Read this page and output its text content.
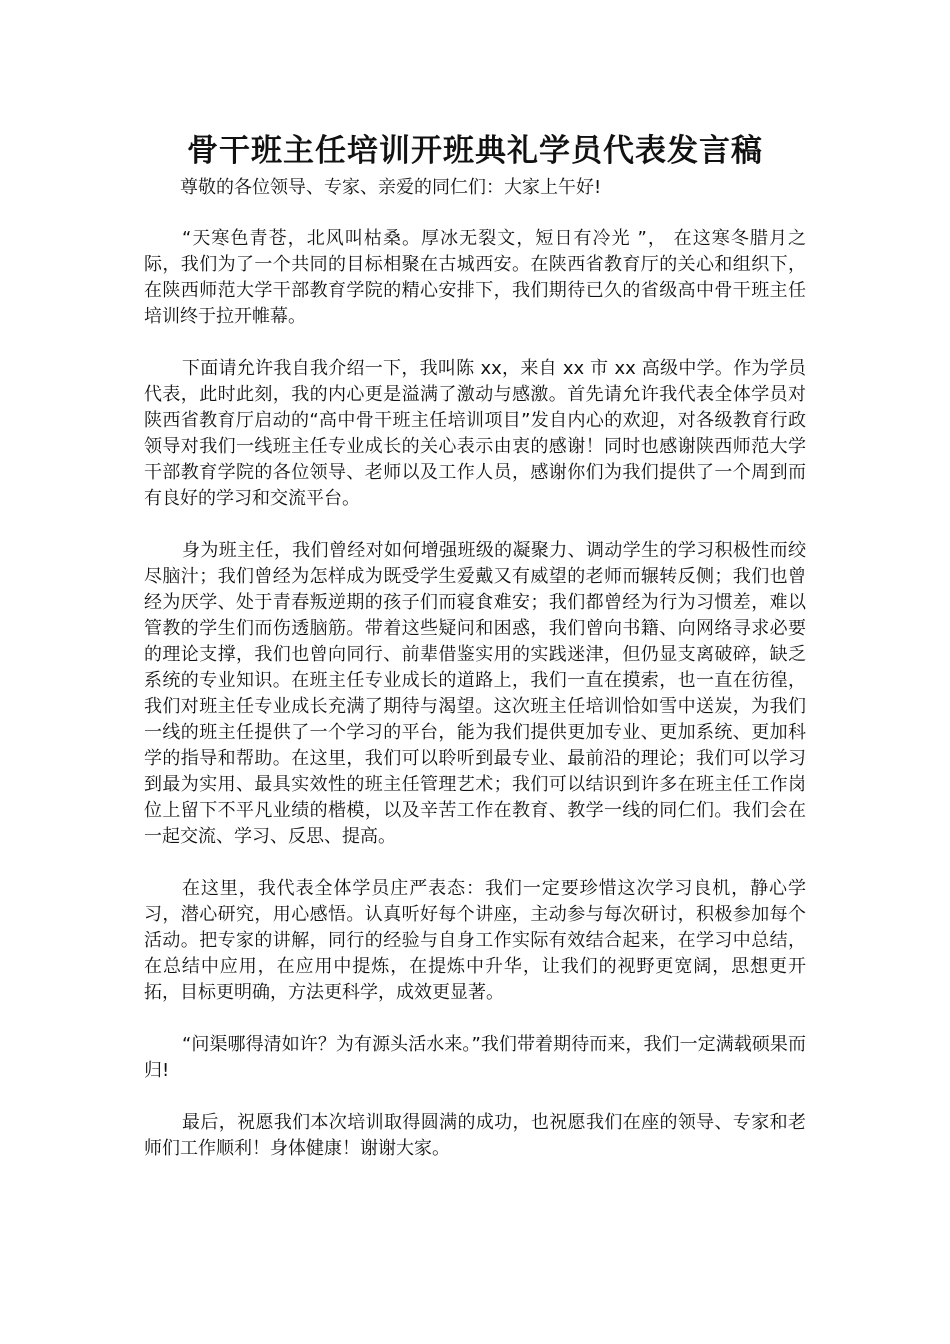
骨干班主任培训开班典礼学员代表发言稿

尊敬的各位领导、专家、亲爱的同仁们：大家上午好!

“天寒色青苍，北风叫枯桑。厚冰无裂文，短日有冷光 ”， 在这寒冬腊月之际，我们为了一个共同的目标相聚在古城西安。在陕西省教育厅的关心和组织下，在陕西师范大学干部教育学院的精心安排下，我们期待已久的省级高中骨干班主任培训终于拉开帷幕。

下面请允许我自我介绍一下，我叫陈 xx，来自 xx 市 xx 高级中学。作为学员代表，此时此刻，我的内心更是溢满了激动与感激。首先请允许我代表全体学员对陕西省教育厅启动的“高中骨干班主任培训项目”发自内心的欢迎，对各级教育行政领导对我们一线班主任专业成长的关心表示由衷的感谢！同时也感谢陕西师范大学干部教育学院的各位领导、老师以及工作人员，感谢你们为我们提供了一个周到而有良好的学习和交流平台。

身为班主任，我们曾经对如何增强班级的凝聚力、调动学生的学习积极性而绞尽脑汁；我们曾经为怎样成为既受学生爱戴又有威望的老师而辗转反侧；我们也曾经为厌学、处于青春叛逆期的孩子们而寝食难安；我们都曾经为行为习惯差，难以管教的学生们而伤透脑筋。带着这些疑问和困惑，我们曾向书籍、向网络寻求必要的理论支撑，我们也曾向同行、前辈借鉴实用的实践迷津，但仍显支离破碎，缺乏系统的专业知识。在班主任专业成长的道路上，我们一直在摸索，也一直在彷徨，我们对班主任专业成长充满了期待与渴望。这次班主任培训恰如雪中送炭，为我们一线的班主任提供了一个学习的平台，能为我们提供更加专业、更加系统、更加科学的指导和帮助。在这里，我们可以聆听到最专业、最前沿的理论；我们可以学习到最为实用、最具实效性的班主任管理艺术；我们可以结识到许多在班主任工作岗位上留下不平凡业绩的楷模，以及辛苦工作在教育、教学一线的同仁们。我们会在一起交流、学习、反思、提高。

在这里，我代表全体学员庄严表态：我们一定要珍惜这次学习良机，静心学习，潜心研究，用心感悟。认真听好每个讲座，主动参与每次研讨，积极参加每个活动。把专家的讲解，同行的经验与自身工作实际有效结合起来，在学习中总结，在总结中应用，在应用中提炼，在提炼中升华，让我们的视野更宽阔，思想更开拓，目标更明确，方法更科学，成效更显著。

“问渠哪得清如许？为有源头活水来。”我们带着期待而来，我们一定满载硕果而归!

最后，祝愿我们本次培训取得圆满的成功，也祝愿我们在座的领导、专家和老师们工作顺利！身体健康！谢谢大家。
